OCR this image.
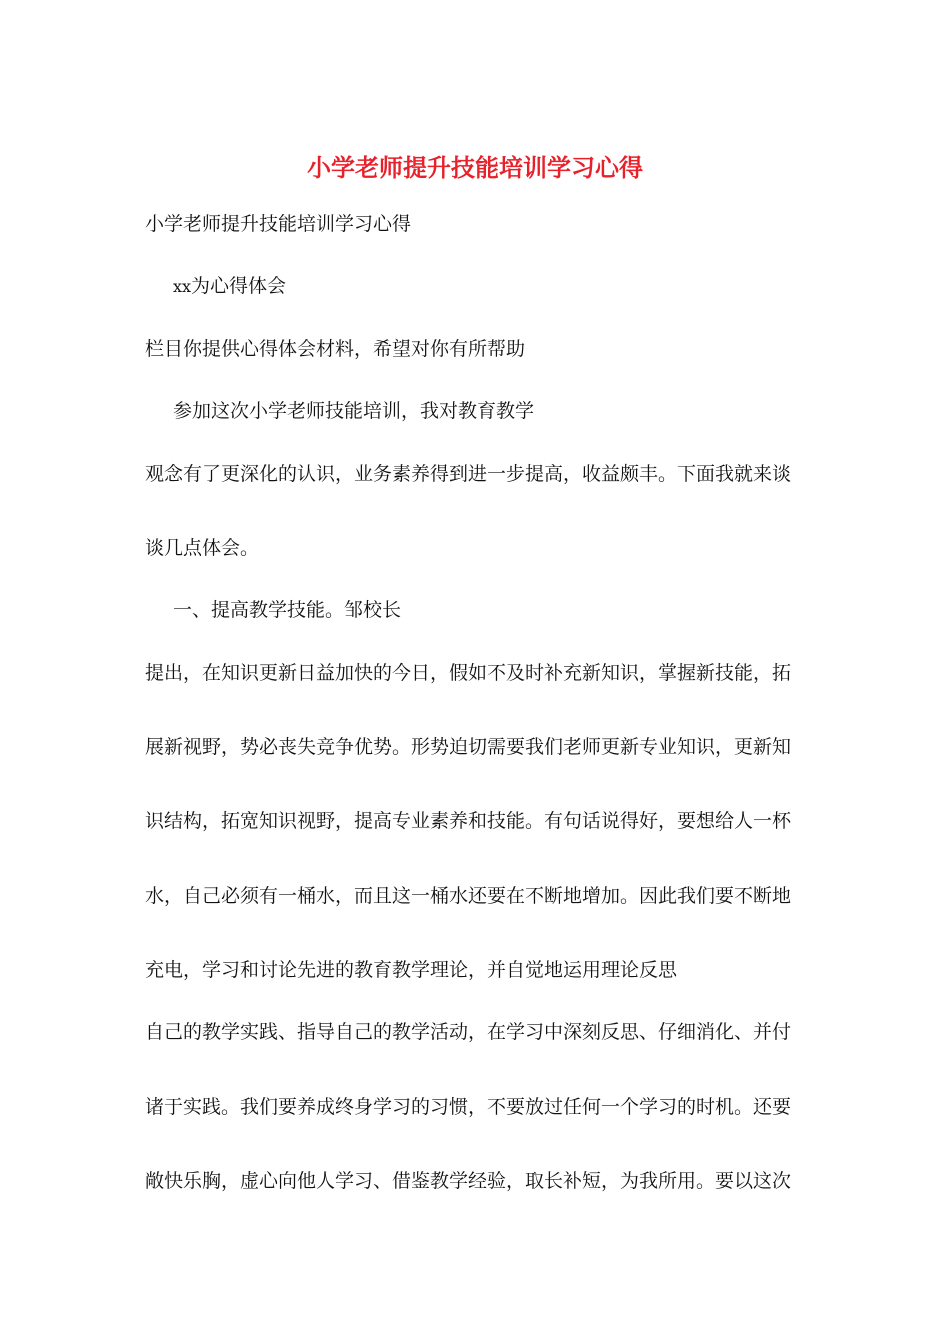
小学老师提升技能培训学习心得
小学老师提升技能培训学习心得
xx为心得体会
栏目你提供心得体会材料，希望对你有所帮助
参加这次小学老师技能培训，我对教育教学
观念有了更深化的认识，业务素养得到进一步提高，收益颇丰。下面我就来谈
谈几点体会。
一、提高教学技能。邹校长
提出，在知识更新日益加快的今日，假如不及时补充新知识，掌握新技能，拓
展新视野，势必丧失竞争优势。形势迫切需要我们老师更新专业知识，更新知
识结构，拓宽知识视野，提高专业素养和技能。有句话说得好，要想给人一杯
水，自己必须有一桶水，而且这一桶水还要在不断地增加。因此我们要不断地
充电，学习和讨论先进的教育教学理论，并自觉地运用理论反思
自己的教学实践、指导自己的教学活动，在学习中深刻反思、仔细消化、并付
诸于实践。我们要养成终身学习的习惯，不要放过任何一个学习的时机。还要
敞快乐胸，虚心向他人学习、借鉴教学经验，取长补短，为我所用。要以这次
